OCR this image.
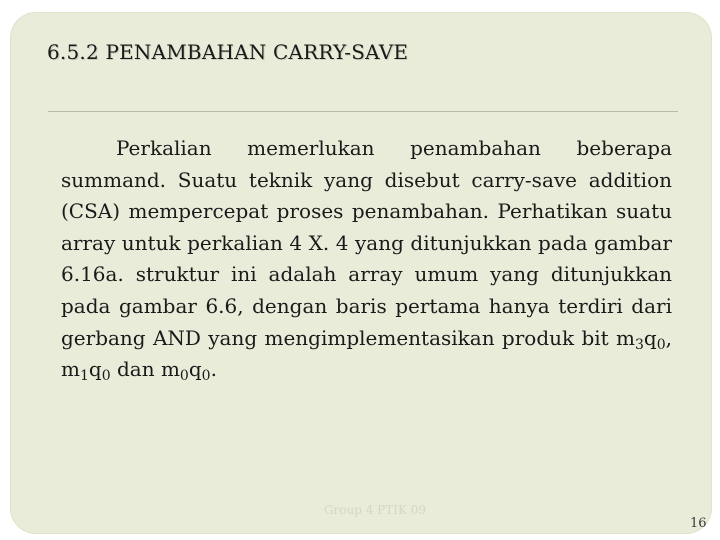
6.5.2 PENAMBAHAN CARRY-SAVE

Perkalian memerlukan penambahan beberapa summand. Suatu teknik yang disebut carry-save addition (CSA) mempercepat proses penambahan. Perhatikan suatu array untuk perkalian 4 X. 4 yang ditunjukkan pada gambar 6.16a. struktur ini adalah array umum yang ditunjukkan pada gambar 6.6, dengan baris pertama hanya terdiri dari gerbang AND yang mengimplementasikan produk bit $m_3q_0$, $m_1q_0$ dan $m_0q_0$.

Group 4 PTIK 09
16
